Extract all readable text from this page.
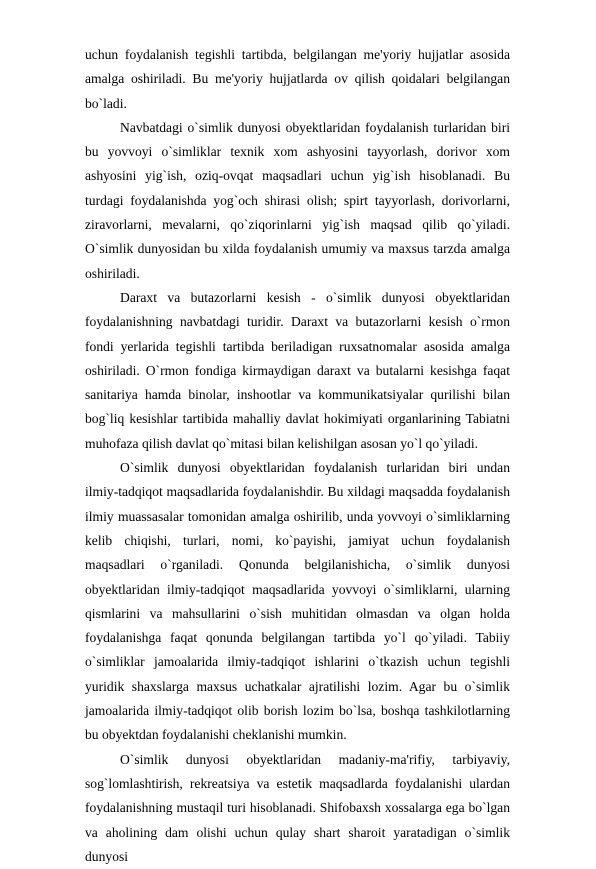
uchun foydalanish tegishli tartibda, belgilangan me'yoriy hujjatlar asosida amalga oshiriladi. Bu me'yoriy hujjatlarda ov qilish qoidalari belgilangan bo`ladi.

Navbatdagi o`simlik dunyosi obyektlaridan foydalanish turlaridan biri bu yovvoyi o`simliklar texnik xom ashyosini tayyorlash, dorivor xom ashyosini yig`ish, oziq-ovqat maqsadlari uchun yig`ish hisoblanadi. Bu turdagi foydalanishda yog`och shirasi olish; spirt tayyorlash, dorivorlarni, ziravorlarni, mevalarni, qo`ziqorinlarni yig`ish maqsad qilib qo`yiladi. O`simlik dunyosidan bu xilda foydalanish umumiy va maxsus tarzda amalga oshiriladi.

Daraxt va butazorlarni kesish - o`simlik dunyosi obyektlaridan foydalanishning navbatdagi turidir. Daraxt va butazorlarni kesish o`rmon fondi yerlarida tegishli tartibda beriladigan ruxsatnomalar asosida amalga oshiriladi. O`rmon fondiga kirmaydigan daraxt va butalarni kesishga faqat sanitariya hamda binolar, inshootlar va kommunikatsiyalar qurilishi bilan bog`liq kesishlar tartibida mahalliy davlat hokimiyati organlarining Tabiatni muhofaza qilish davlat qo`mitasi bilan kelishilgan asosan yo`l qo`yiladi.

O`simlik dunyosi obyektlaridan foydalanish turlaridan biri undan ilmiy-tadqiqot maqsadlarida foydalanishdir. Bu xildagi maqsadda foydalanish ilmiy muassasalar tomonidan amalga oshirilib, unda yovvoyi o`simliklarning kelib chiqishi, turlari, nomi, ko`payishi, jamiyat uchun foydalanish maqsadlari o`rganiladi. Qonunda belgilanishicha, o`simlik dunyosi obyektlaridan ilmiy-tadqiqot maqsadlarida yovvoyi o`simliklarni, ularning qismlarini va mahsullarini o`sish muhitidan olmasdan va olgan holda foydalanishga faqat qonunda belgilangan tartibda yo`l qo`yiladi. Tabiiy o`simliklar jamoalarida ilmiy-tadqiqot ishlarini o`tkazish uchun tegishli yuridik shaxslarga maxsus uchatkalar ajratilishi lozim. Agar bu o`simlik jamoalarida ilmiy-tadqiqot olib borish lozim bo`lsa, boshqa tashkilotlarning bu obyektdan foydalanishi cheklanishi mumkin.

O`simlik dunyosi obyektlaridan madaniy-ma'rifiy, tarbiyaviy, sog`lomlashtirish, rekreatsiya va estetik maqsadlarda foydalanishi ulardan foydalanishning mustaqil turi hisoblanadi. Shifobaxsh xossalarga ega bo`lgan va aholining dam olishi uchun qulay shart sharoit yaratadigan o`simlik dunyosi
